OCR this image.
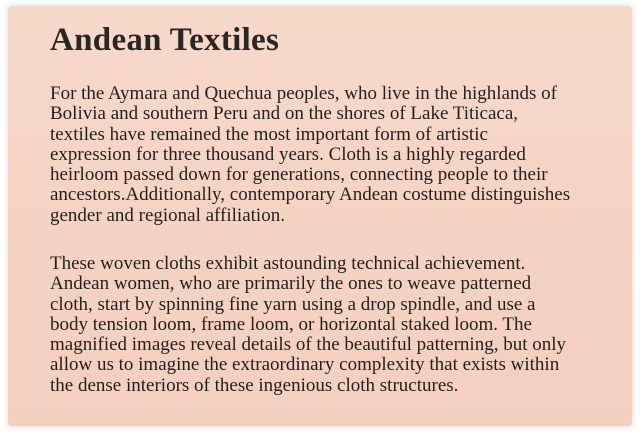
Andean Textiles

For the Aymara and Quechua peoples, who live in the highlands of
Bolivia and southern Peru and on the shores of Lake Titicaca,
textiles have remained the most important form of artistic
expression for three thousand years. Cloth is a highly regarded
heirloom passed down for generations, connecting people to their
ancestors.Additionally, contemporary Andean costume distinguishes
gender and regional affiliation.

These woven cloths exhibit astounding technical achievement.
Andean women, who are primarily the ones to weave patterned
cloth, start by spinning fine yarn using a drop spindle, and use a
body tension loom, frame loom, or horizontal staked loom. The
magnified images reveal details of the beautiful patterning, but only
allow us to imagine the extraordinary complexity that exists within
the dense interiors of these ingenious cloth structures.
